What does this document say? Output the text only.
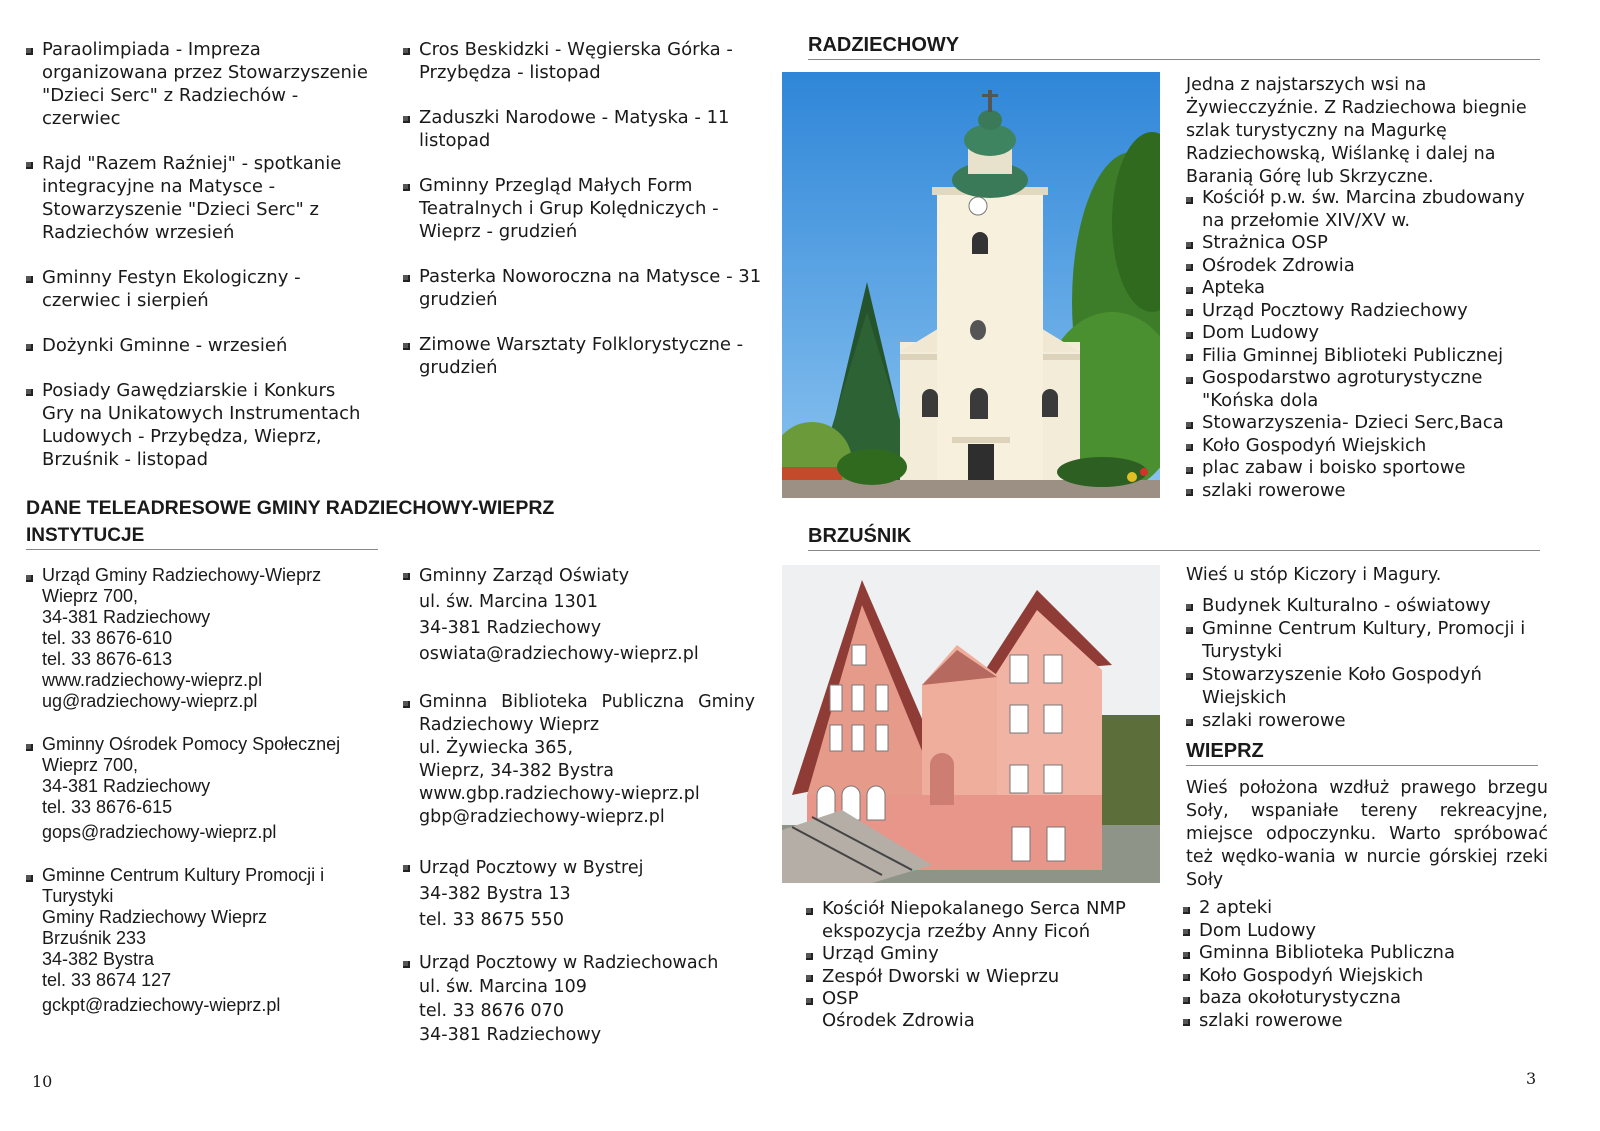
Paraolimpiada - Impreza organizowana przez Stowarzyszenie "Dzieci Serc" z Radziechów - czerwiec
Rajd "Razem Raźniej" - spotkanie integracyjne na Matysce - Stowarzyszenie "Dzieci Serc" z Radziechów wrzesień
Gminny Festyn Ekologiczny - czerwiec i sierpień
Dożynki Gminne - wrzesień
Posiady Gawędziarskie i Konkurs Gry na Unikatowych Instrumentach Ludowych - Przybędza, Wieprz, Brzuśnik - listopad
Cros Beskidzki - Węgierska Górka - Przybędza - listopad
Zaduszki Narodowe - Matyska - 11 listopad
Gminny Przegląd Małych Form Teatralnych i Grup Kolędniczych - Wieprz - grudzień
Pasterka Noworoczna na Matysce - 31 grudzień
Zimowe Warsztaty Folklorystyczne - grudzień
DANE TELEADRESOWE GMINY RADZIECHOWY-WIEPRZ
INSTYTUCJE
Urząd Gminy Radziechowy-Wieprz
Wieprz 700,
34-381 Radziechowy
tel. 33 8676-610
tel. 33 8676-613
www.radziechowy-wieprz.pl
ug@radziechowy-wieprz.pl
Gminny Ośrodek Pomocy Społecznej
Wieprz 700,
34-381 Radziechowy
tel. 33 8676-615
gops@radziechowy-wieprz.pl
Gminne Centrum Kultury Promocji i
Turystyki
Gminy Radziechowy Wieprz
Brzuśnik 233
34-382 Bystra
tel. 33 8674 127
gckpt@radziechowy-wieprz.pl
Gminny Zarząd Oświaty
ul. św. Marcina 1301
34-381 Radziechowy
oswiata@radziechowy-wieprz.pl
Gminna Biblioteka Publiczna Gminy
Radziechowy Wieprz
ul. Żywiecka 365,
Wieprz, 34-382 Bystra
www.gbp.radziechowy-wieprz.pl
gbp@radziechowy-wieprz.pl
Urząd Pocztowy w Bystrej
34-382 Bystra 13
tel. 33 8675 550
Urząd Pocztowy w Radziechowach
ul. św. Marcina 109
tel. 33 8676 070
34-381 Radziechowy
10
RADZIECHOWY
Jedna z najstarszych wsi na Żywiecczyźnie. Z Radziechowa biegnie szlak turystyczny na Magurkę Radziechowską, Wiślankę i dalej na Baranią Górę lub Skrzyczne.
Kościół p.w. św. Marcina zbudowany na przełomie XIV/XV w.
Strażnica OSP
Ośrodek Zdrowia
Apteka
Urząd Pocztowy Radziechowy
Dom Ludowy
Filia Gminnej Biblioteki Publicznej
Gospodarstwo agroturystyczne "Końska dola
Stowarzyszenia- Dzieci Serc,Baca
Koło Gospodyń Wiejskich
plac zabaw i boisko sportowe
szlaki rowerowe
BRZUŚNIK
Wieś u stóp Kiczory i Magury.
Budynek Kulturalno - oświatowy
Gminne Centrum Kultury, Promocji i Turystyki
Stowarzyszenie Koło Gospodyń Wiejskich
szlaki rowerowe
Kościół Niepokalanego Serca NMP ekspozycja rzeźby Anny Ficoń
Urząd Gminy
Zespół Dworski w Wieprzu
OSP
Ośrodek Zdrowia
WIEPRZ
Wieś położona wzdłuż prawego brzegu Soły, wspaniałe tereny rekreacyjne, miejsce odpoczynku. Warto spróbować też wędko-wania w nurcie górskiej rzeki Soły
2 apteki
Dom Ludowy
Gminna Biblioteka Publiczna
Koło Gospodyń Wiejskich
baza okołoturystyczna
szlaki rowerowe
3
